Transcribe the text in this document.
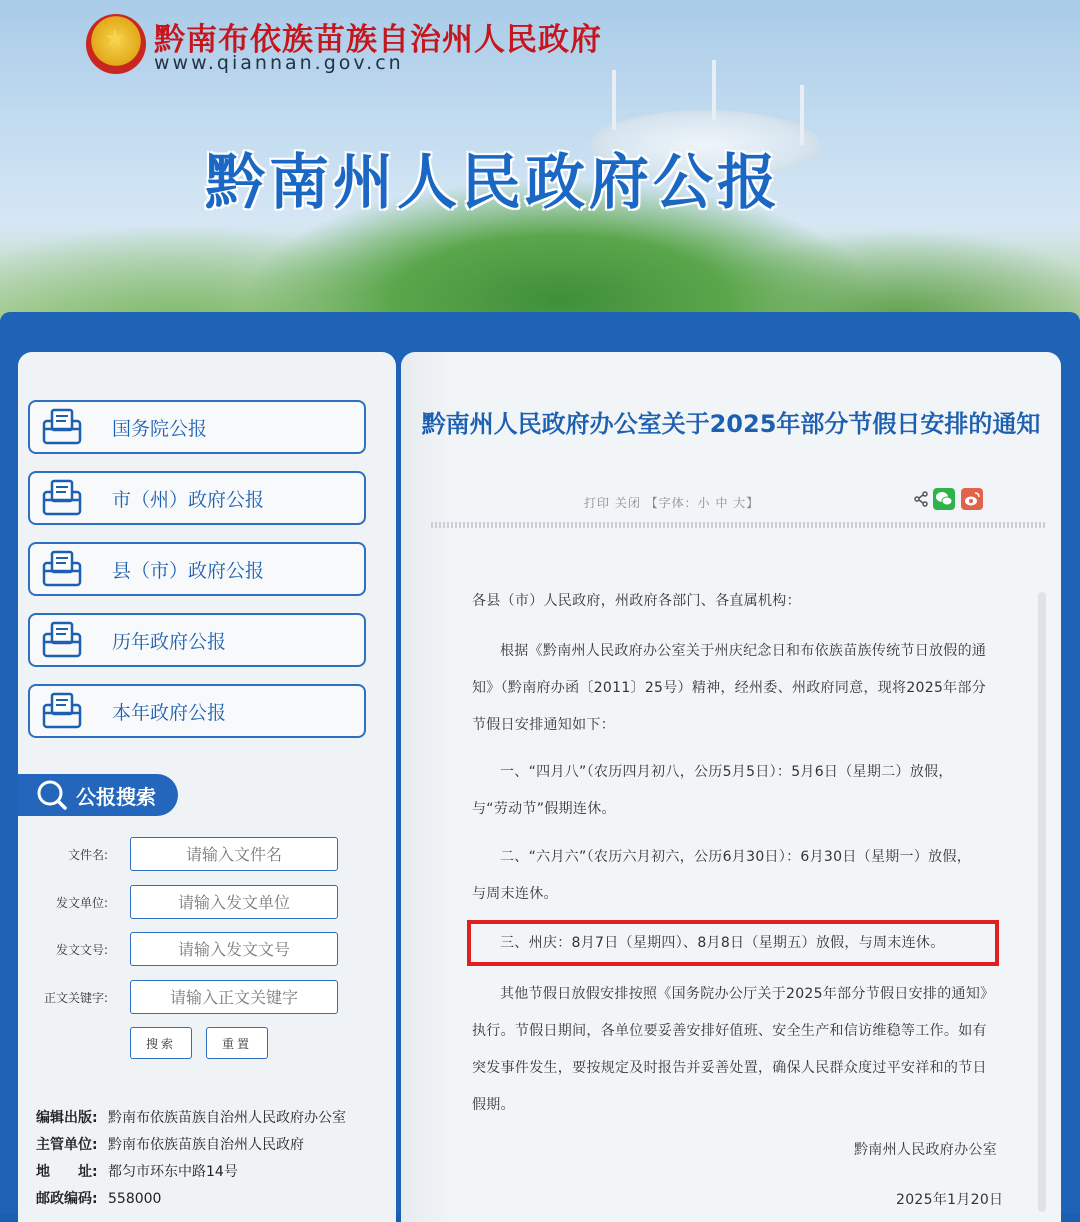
★ 黔南布依族苗族自治州人民政府
www.qiannan.gov.cn
黔南州人民政府公报
国务院公报
市（州）政府公报
县（市）政府公报
历年政府公报
本年政府公报
公报搜索
文件名:
请输入文件名
发文单位:
请输入发文单位
发文文号:
请输入发文文号
正文关键字:
请输入正文关键字
搜索	重置
编辑出版: 黔南布依族苗族自治州人民政府办公室
主管单位: 黔南布依族苗族自治州人民政府
地　　址: 都匀市环东中路14号
邮政编码: 558000
黔南州人民政府办公室关于2025年部分节假日安排的通知
打印 关闭 【字体：小 中 大】
各县（市）人民政府，州政府各部门、各直属机构：
根据《黔南州人民政府办公室关于州庆纪念日和布依族苗族传统节日放假的通
知》（黔南府办函〔2011〕25号）精神，经州委、州政府同意，现将2025年部分
节假日安排通知如下：
一、“四月八”（农历四月初八，公历5月5日）：5月6日（星期二）放假，
与“劳动节”假期连休。
二、“六月六”（农历六月初六，公历6月30日）：6月30日（星期一）放假，
与周末连休。
三、州庆：8月7日（星期四）、8月8日（星期五）放假，与周末连休。
其他节假日放假安排按照《国务院办公厅关于2025年部分节假日安排的通知》
执行。节假日期间，各单位要妥善安排好值班、安全生产和信访维稳等工作。如有
突发事件发生，要按规定及时报告并妥善处置，确保人民群众度过平安祥和的节日
假期。
黔南州人民政府办公室
2025年1月20日
